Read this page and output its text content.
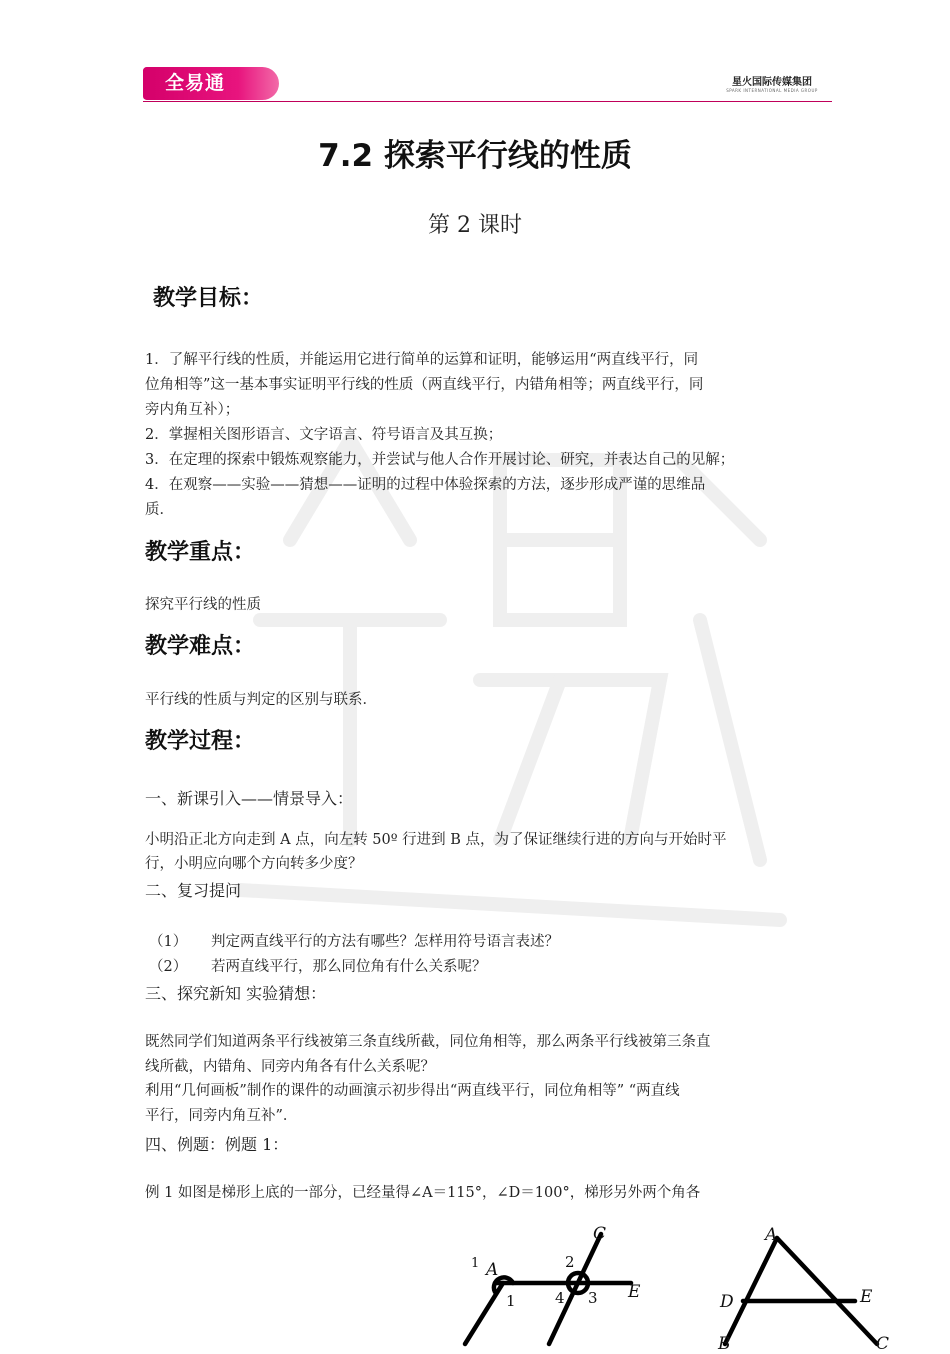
全易通	星火国际传媒集团
SPARK INTERNATIONAL MEDIA GROUP
7.2 探索平行线的性质
第 2 课时
教学目标：
1．了解平行线的性质，并能运用它进行简单的运算和证明，能够运用“两直线平行，同
位角相等”这一基本事实证明平行线的性质（两直线平行，内错角相等；两直线平行，同
旁内角互补）；
2．掌握相关图形语言、文字语言、符号语言及其互换；
3．在定理的探索中锻炼观察能力，并尝试与他人合作开展讨论、研究，并表达自己的见解；
4．在观察——实验——猜想——证明的过程中体验探索的方法，逐步形成严谨的思维品
质．
教学重点：
探究平行线的性质
教学难点：
平行线的性质与判定的区别与联系．
教学过程：
一、新课引入——情景导入：
小明沿正北方向走到 A 点，向左转 50º 行进到 B 点，为了保证继续行进的方向与开始时平
行，小明应向哪个方向转多少度？
二、复习提问
（1） 判定两直线平行的方法有哪些？怎样用符号语言表述？
（2） 若两直线平行，那么同位角有什么关系呢？
三、探究新知 实验猜想：
既然同学们知道两条平行线被第三条直线所截，同位角相等，那么两条平行线被第三条直
线所截，内错角、同旁内角各有什么关系呢？
利用“几何画板”制作的课件的动画演示初步得出“两直线平行，同位角相等” “两直线
平行，同旁内角互补”．
四、例题：例题 1：
例 1 如图是梯形上底的一部分，已经量得∠A＝115°，∠D＝100°，梯形另外两个角各
1 A
C
E
2
1	4 3
A
D	E
B	C
